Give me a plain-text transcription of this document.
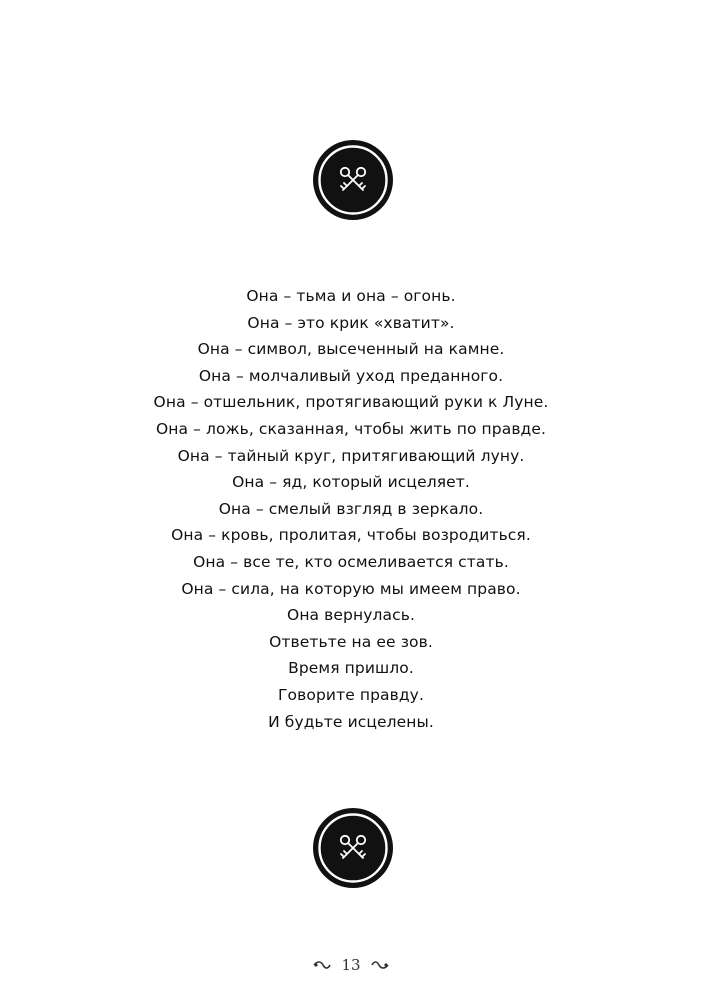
Она – тьма и она – огонь.
Она – это крик «хватит».
Она – символ, высеченный на камне.
Она – молчаливый уход преданного.
Она – отшельник, протягивающий руки к Луне.
Она – ложь, сказанная, чтобы жить по правде.
Она – тайный круг, притягивающий луну.
Она – яд, который исцеляет.
Она – смелый взгляд в зеркало.
Она – кровь, пролитая, чтобы возродиться.
Она – все те, кто осмеливается стать.
Она – сила, на которую мы имеем право.
Она вернулась.
Ответьте на ее зов.
Время пришло.
Говорите правду.
И будьте исцелены.
13
